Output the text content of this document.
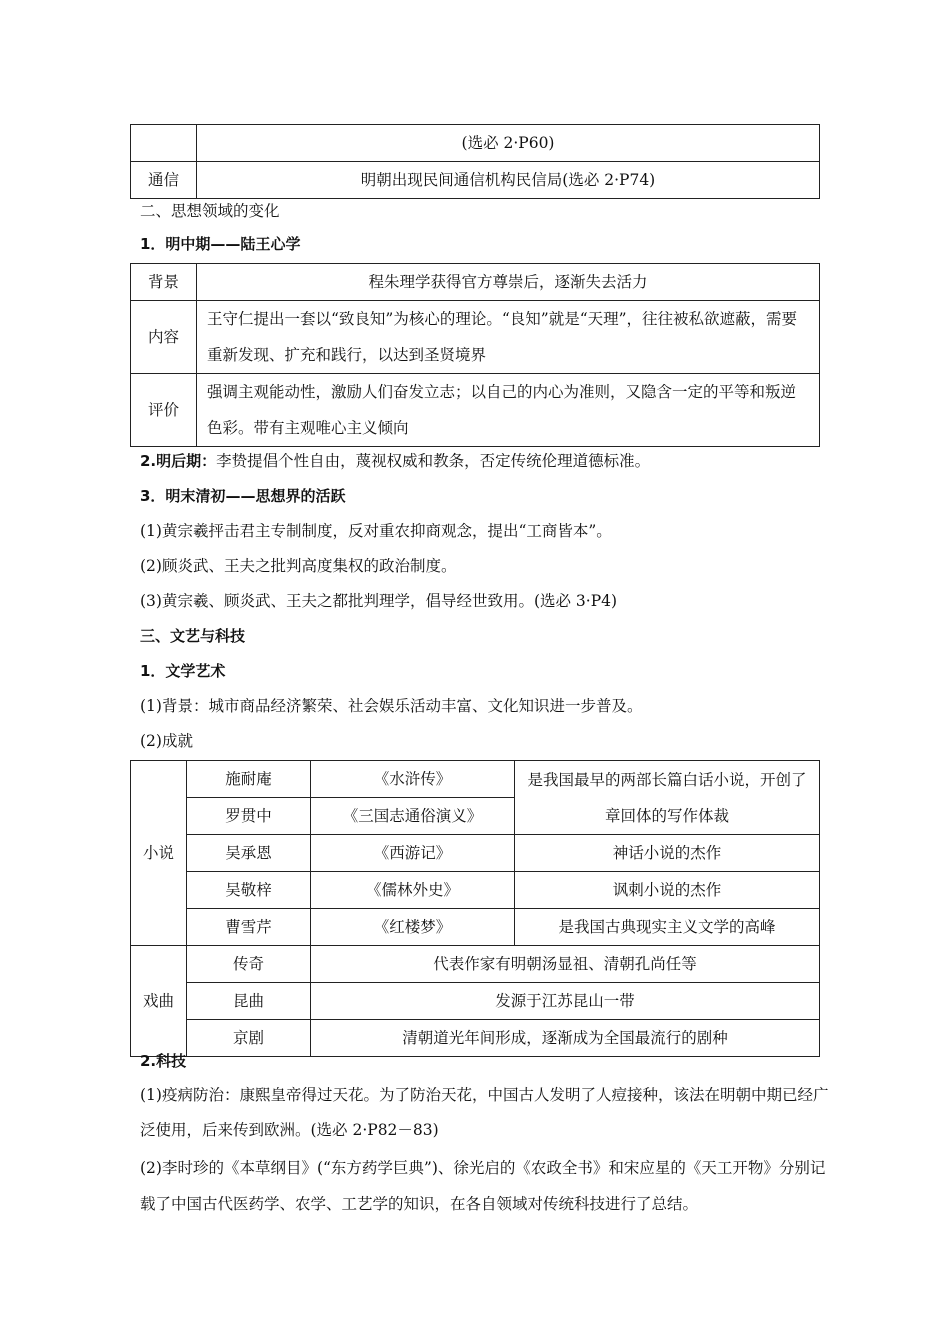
	(选必 2·P60)
通信	明朝出现民间通信机构民信局(选必 2·P74)
二、思想领域的变化
1．明中期——陆王心学
背景	程朱理学获得官方尊崇后，逐渐失去活力
内容	王守仁提出一套以“致良知”为核心的理论。“良知”就是“天理”，往往被私欲遮蔽，需要重新发现、扩充和践行，以达到圣贤境界
评价	强调主观能动性，激励人们奋发立志；以自己的内心为准则，又隐含一定的平等和叛逆色彩。带有主观唯心主义倾向
2.明后期：李贽提倡个性自由，蔑视权威和教条，否定传统伦理道德标准。
3．明末清初——思想界的活跃
(1)黄宗羲抨击君主专制制度，反对重农抑商观念，提出“工商皆本”。
(2)顾炎武、王夫之批判高度集权的政治制度。
(3)黄宗羲、顾炎武、王夫之都批判理学，倡导经世致用。(选必 3·P4)
三、文艺与科技
1．文学艺术
(1)背景：城市商品经济繁荣、社会娱乐活动丰富、文化知识进一步普及。
(2)成就
小说	施耐庵	《水浒传》	是我国最早的两部长篇白话小说，开创了章回体的写作体裁
	罗贯中	《三国志通俗演义》	
	吴承恩	《西游记》	神话小说的杰作
	吴敬梓	《儒林外史》	讽刺小说的杰作
	曹雪芹	《红楼梦》	是我国古典现实主义文学的高峰
戏曲	传奇	代表作家有明朝汤显祖、清朝孔尚任等	
	昆曲	发源于江苏昆山一带	
	京剧	清朝道光年间形成，逐渐成为全国最流行的剧种	
2.科技
(1)疫病防治：康熙皇帝得过天花。为了防治天花，中国古人发明了人痘接种，该法在明朝中期已经广泛使用，后来传到欧洲。(选必 2·P82－83)
(2)李时珍的《本草纲目》(“东方药学巨典”)、徐光启的《农政全书》和宋应星的《天工开物》分别记载了中国古代医药学、农学、工艺学的知识，在各自领域对传统科技进行了总结。
